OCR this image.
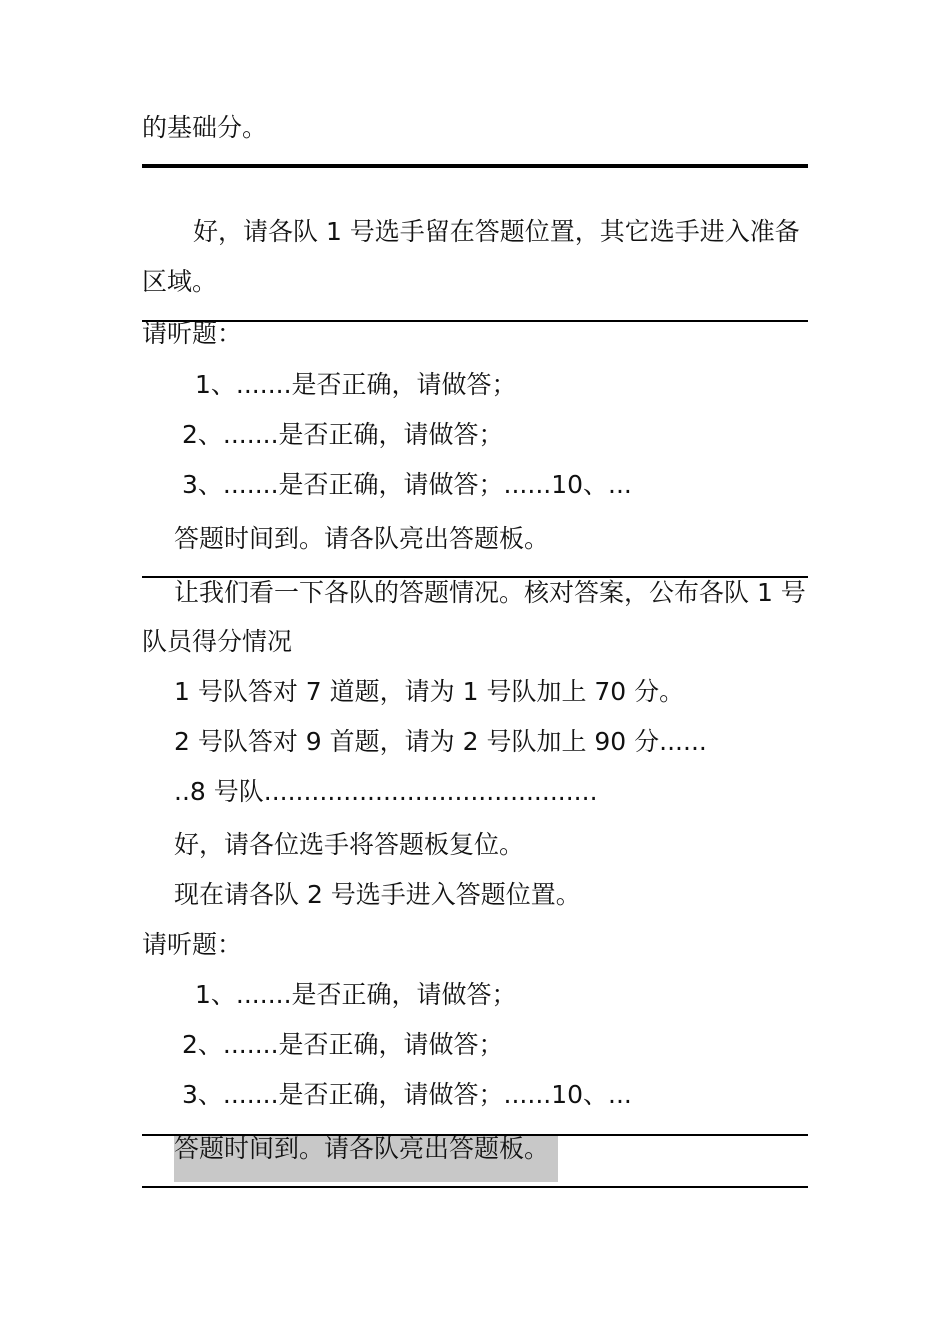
的基础分。
好，请各队 1 号选手留在答题位置，其它选手进入准备
区域。
请听题：
1、.......是否正确，请做答；
2、.......是否正确，请做答；
3、.......是否正确，请做答；......10、...
答题时间到。请各队亮出答题板。
让我们看一下各队的答题情况。核对答案，公布各队 1 号
队员得分情况
1 号队答对 7 道题，请为 1 号队加上 70 分。
2 号队答对 9 首题，请为 2 号队加上 90 分......
..8 号队..........................................
好，请各位选手将答题板复位。
现在请各队 2 号选手进入答题位置。
请听题：
1、.......是否正确，请做答；
2、.......是否正确，请做答；
3、.......是否正确，请做答；......10、...
答题时间到。请各队亮出答题板。
